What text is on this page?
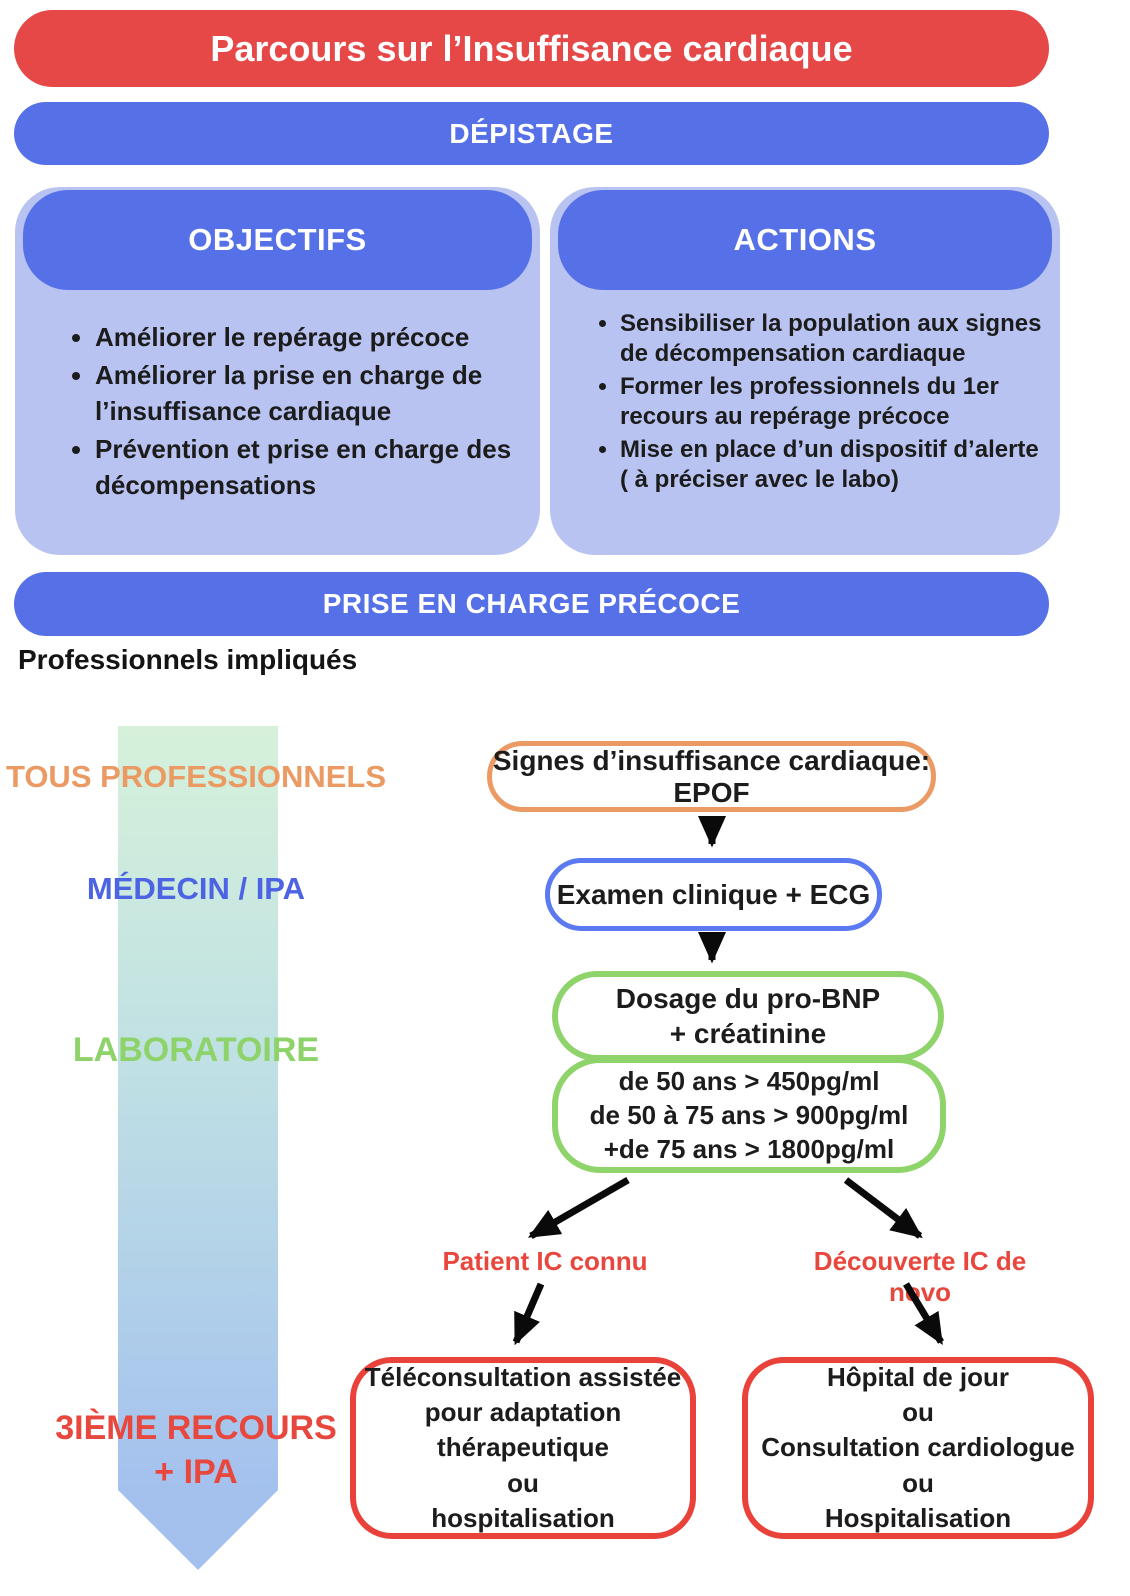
Parcours sur l’Insuffisance cardiaque
DÉPISTAGE
OBJECTIFS
• Améliorer le repérage précoce
• Améliorer la prise en charge de l’insuffisance cardiaque
• Prévention et prise en charge des décompensations
ACTIONS
• Sensibiliser la population aux signes de décompensation cardiaque
• Former les professionnels du 1er recours au repérage précoce
• Mise en place d’un dispositif d’alerte ( à préciser avec le labo)
PRISE EN CHARGE PRÉCOCE
Professionnels impliqués
TOUS PROFESSIONNELS
MÉDECIN / IPA
LABORATOIRE
3IÈME RECOURS
+ IPA
Signes d’insuffisance cardiaque: EPOF
Examen clinique + ECG
Dosage du pro-BNP
+ créatinine
de 50 ans > 450pg/ml
de 50 à 75 ans > 900pg/ml
+de 75 ans > 1800pg/ml
Patient IC connu	Découverte IC de novo
Téléconsultation assistée
pour adaptation
thérapeutique
ou
hospitalisation
Hôpital de jour
ou
Consultation cardiologue
ou
Hospitalisation
